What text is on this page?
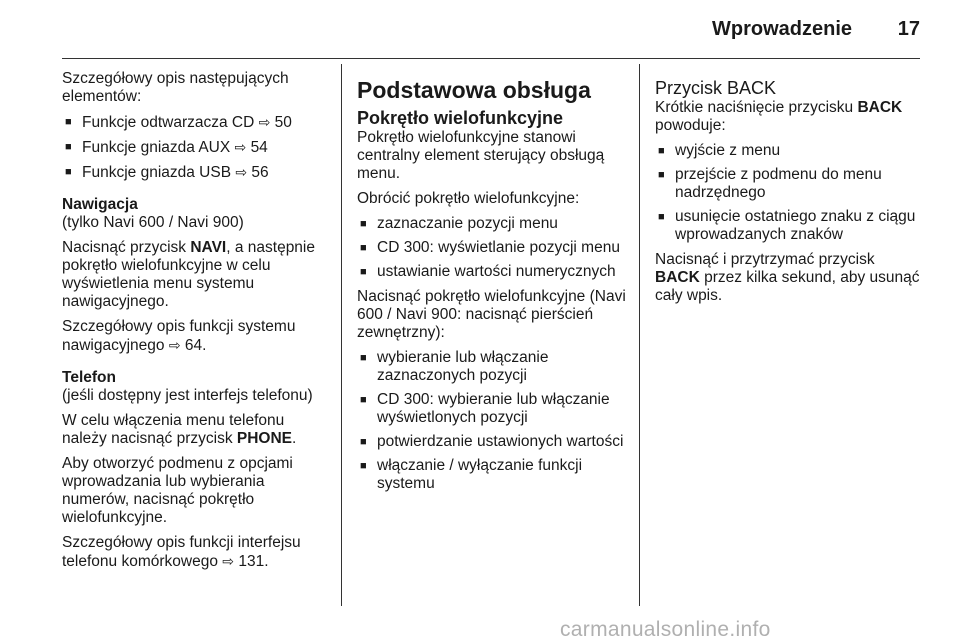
Wprowadzenie	17

Szczegółowy opis następujących elementów:

■ Funkcje odtwarzacza CD ⇨ 50
■ Funkcje gniazda AUX ⇨ 54
■ Funkcje gniazda USB ⇨ 56
Nawigacja

(tylko Navi 600 / Navi 900)

Nacisnąć przycisk NAVI, a następnie pokrętło wielofunkcyjne w celu wyświetlenia menu systemu nawigacyjnego.

Szczegółowy opis funkcji systemu nawigacyjnego ⇨ 64.

Telefon

(jeśli dostępny jest interfejs telefonu)

W celu włączenia menu telefonu należy nacisnąć przycisk PHONE.

Aby otworzyć podmenu z opcjami wprowadzania lub wybierania numerów, nacisnąć pokrętło wielofunkcyjne.

Szczegółowy opis funkcji interfejsu telefonu komórkowego ⇨ 131.

Podstawowa obsługa
Pokrętło wielofunkcyjne

Pokrętło wielofunkcyjne stanowi centralny element sterujący obsługą menu.

Obrócić pokrętło wielofunkcyjne:

■ zaznaczanie pozycji menu
■ CD 300: wyświetlanie pozycji menu
■ ustawianie wartości numerycznych

Nacisnąć pokrętło wielofunkcyjne (Navi 600 / Navi 900: nacisnąć pierścień zewnętrzny):

■ wybieranie lub włączanie zaznaczonych pozycji
■ CD 300: wybieranie lub włączanie wyświetlonych pozycji
■ potwierdzanie ustawionych wartości
■ włączanie / wyłączanie funkcji systemu
Przycisk BACK

Krótkie naciśnięcie przycisku BACK powoduje:

■ wyjście z menu
■ przejście z podmenu do menu nadrzędnego
■ usunięcie ostatniego znaku z ciągu wprowadzanych znaków

Nacisnąć i przytrzymać przycisk BACK przez kilka sekund, aby usunąć cały wpis.

carmanualsonline.info
